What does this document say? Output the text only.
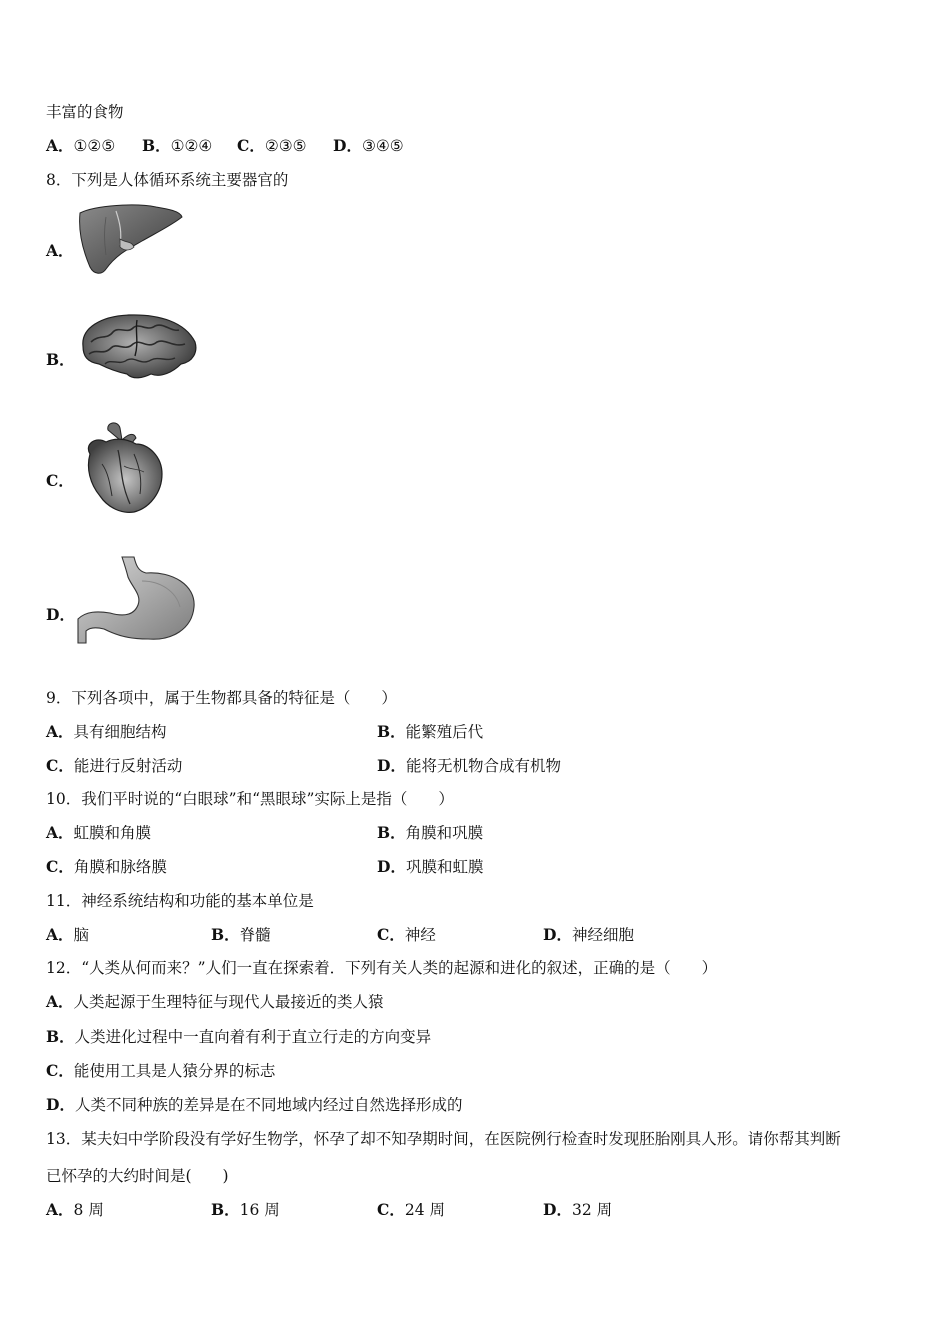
丰富的食物
A．①②⑤ B．①②④ C．②③⑤ D．③④⑤
8．下列是人体循环系统主要器官的
A．
B．
C．
D．
9．下列各项中，属于生物都具备的特征是（　　）
A．具有细胞结构	B．能繁殖后代
C．能进行反射活动	D．能将无机物合成有机物
10．我们平时说的“白眼球”和“黑眼球”实际上是指（　　）
A．虹膜和角膜	B．角膜和巩膜
C．角膜和脉络膜	D．巩膜和虹膜
11．神经系统结构和功能的基本单位是
A．脑	B．脊髓	C．神经	D．神经细胞
12．“人类从何而来？”人们一直在探索着．下列有关人类的起源和进化的叙述，正确的是（　　）
A．人类起源于生理特征与现代人最接近的类人猿
B．人类进化过程中一直向着有利于直立行走的方向变异
C．能使用工具是人猿分界的标志
D．人类不同种族的差异是在不同地域内经过自然选择形成的
13．某夫妇中学阶段没有学好生物学，怀孕了却不知孕期时间，在医院例行检查时发现胚胎刚具人形。请你帮其判断
已怀孕的大约时间是(　　)
A．8 周	B．16 周	C．24 周	D．32 周
